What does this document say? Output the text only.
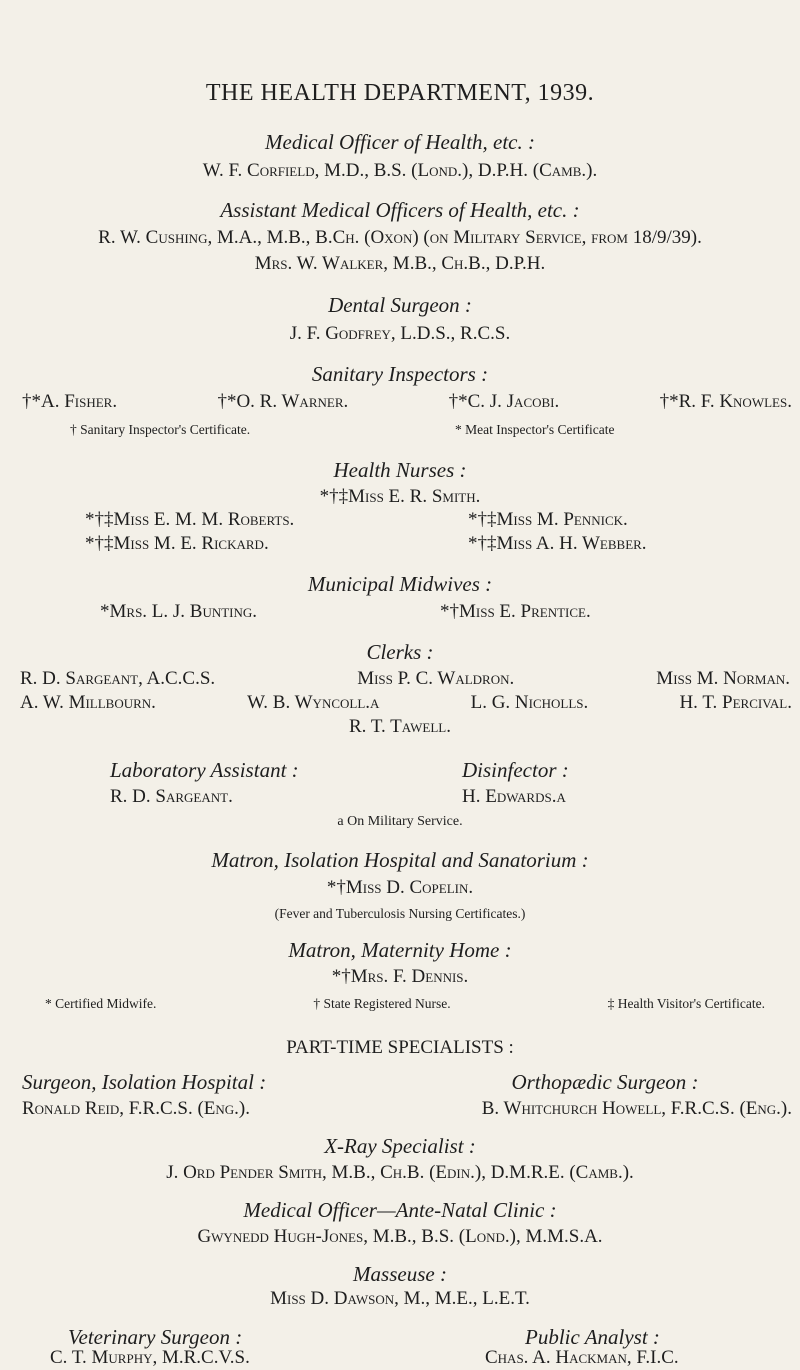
THE HEALTH DEPARTMENT, 1939.
Medical Officer of Health, etc. :
W. F. Corfield, M.D., B.S. (Lond.), D.P.H. (Camb.).
Assistant Medical Officers of Health, etc. :
R. W. Cushing, M.A., M.B., B.Ch. (Oxon) (on Military Service, from 18/9/39).
Mrs. W. Walker, M.B., Ch.B., D.P.H.
Dental Surgeon :
J. F. Godfrey, L.D.S., R.C.S.
Sanitary Inspectors :
†*A. Fisher.	†*O. R. Warner.	†*C. J. Jacobi.	†*R. F. Knowles.
† Sanitary Inspector's Certificate.	* Meat Inspector's Certificate
Health Nurses :
*†‡Miss E. R. Smith.
*†‡Miss E. M. M. Roberts.	*†‡Miss M. Pennick.
*†‡Miss M. E. Rickard.	*†‡Miss A. H. Webber.
Municipal Midwives :
*Mrs. L. J. Bunting.	*†Miss E. Prentice.
Clerks :
R. D. Sargeant, A.C.C.S.	Miss P. C. Waldron.	Miss M. Norman.
A. W. Millbourn.	W. B. Wyncoll.a	L. G. Nicholls.	H. T. Percival.
R. T. Tawell.
Laboratory Assistant :
R. D. Sargeant.
Disinfector :
H. Edwards.a
a On Military Service.
Matron, Isolation Hospital and Sanatorium :
*†Miss D. Copelin.
(Fever and Tuberculosis Nursing Certificates.)
Matron, Maternity Home :
*†Mrs. F. Dennis.
* Certified Midwife.	† State Registered Nurse.	‡ Health Visitor's Certificate.
PART-TIME SPECIALISTS :
Surgeon, Isolation Hospital :
Ronald Reid, F.R.C.S. (Eng.).
Orthopædic Surgeon :
B. Whitchurch Howell, F.R.C.S. (Eng.).
X-Ray Specialist :
J. Ord Pender Smith, M.B., Ch.B. (Edin.), D.M.R.E. (Camb.).
Medical Officer—Ante-Natal Clinic :
Gwynedd Hugh-Jones, M.B., B.S. (Lond.), M.M.S.A.
Masseuse :
Miss D. Dawson, M., M.E., L.E.T.
Veterinary Surgeon :
C. T. Murphy, M.R.C.V.S.
Public Analyst :
Chas. A. Hackman, F.I.C.
